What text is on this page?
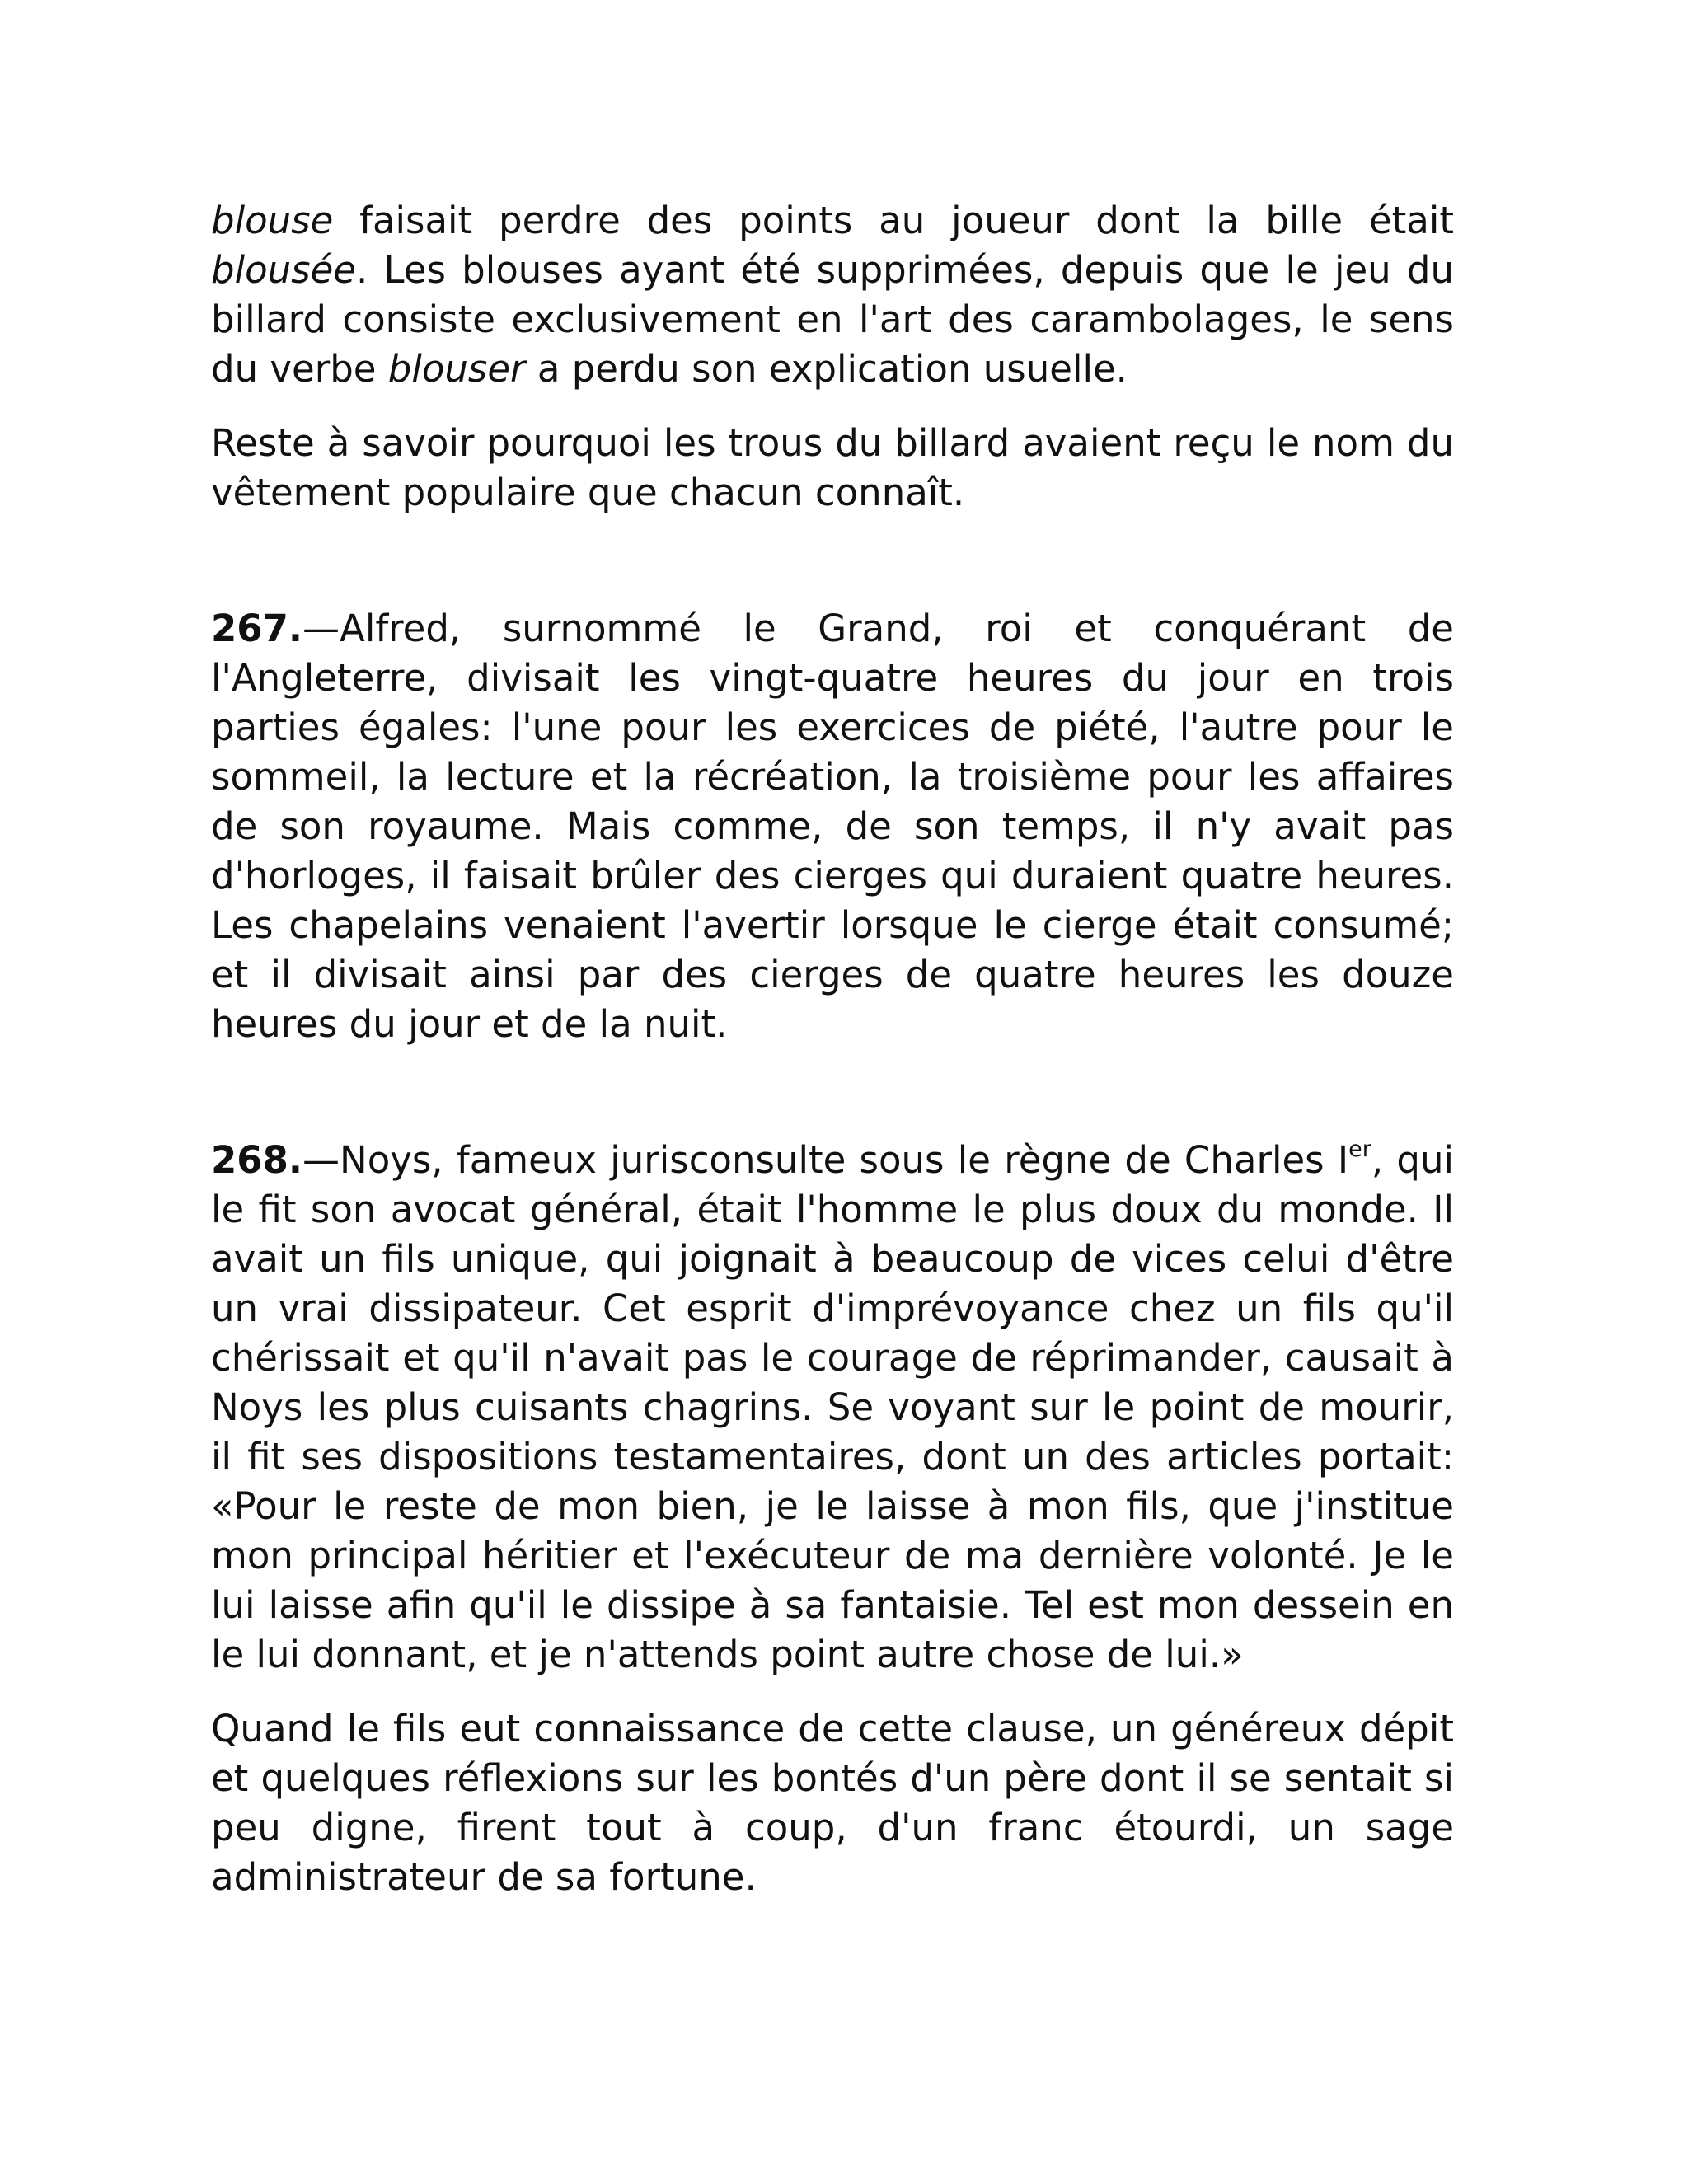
blouse faisait perdre des points au joueur dont la bille était blousée. Les blouses ayant été supprimées, depuis que le jeu du billard consiste exclusivement en l'art des carambolages, le sens du verbe blouser a perdu son explication usuelle.

Reste à savoir pourquoi les trous du billard avaient reçu le nom du vêtement populaire que chacun connaît.

267.—Alfred, surnommé le Grand, roi et conquérant de l'Angleterre, divisait les vingt-quatre heures du jour en trois parties égales: l'une pour les exercices de piété, l'autre pour le sommeil, la lecture et la récréation, la troisième pour les affaires de son royaume. Mais comme, de son temps, il n'y avait pas d'horloges, il faisait brûler des cierges qui duraient quatre heures. Les chapelains venaient l'avertir lorsque le cierge était consumé; et il divisait ainsi par des cierges de quatre heures les douze heures du jour et de la nuit.

268.—Noys, fameux jurisconsulte sous le règne de Charles Ier, qui le fit son avocat général, était l'homme le plus doux du monde. Il avait un fils unique, qui joignait à beaucoup de vices celui d'être un vrai dissipateur. Cet esprit d'imprévoyance chez un fils qu'il chérissait et qu'il n'avait pas le courage de réprimander, causait à Noys les plus cuisants chagrins. Se voyant sur le point de mourir, il fit ses dispositions testamentaires, dont un des articles portait: «Pour le reste de mon bien, je le laisse à mon fils, que j'institue mon principal héritier et l'exécuteur de ma dernière volonté. Je le lui laisse afin qu'il le dissipe à sa fantaisie. Tel est mon dessein en le lui donnant, et je n'attends point autre chose de lui.»

Quand le fils eut connaissance de cette clause, un généreux dépit et quelques réflexions sur les bontés d'un père dont il se sentait si peu digne, firent tout à coup, d'un franc étourdi, un sage administrateur de sa fortune.
